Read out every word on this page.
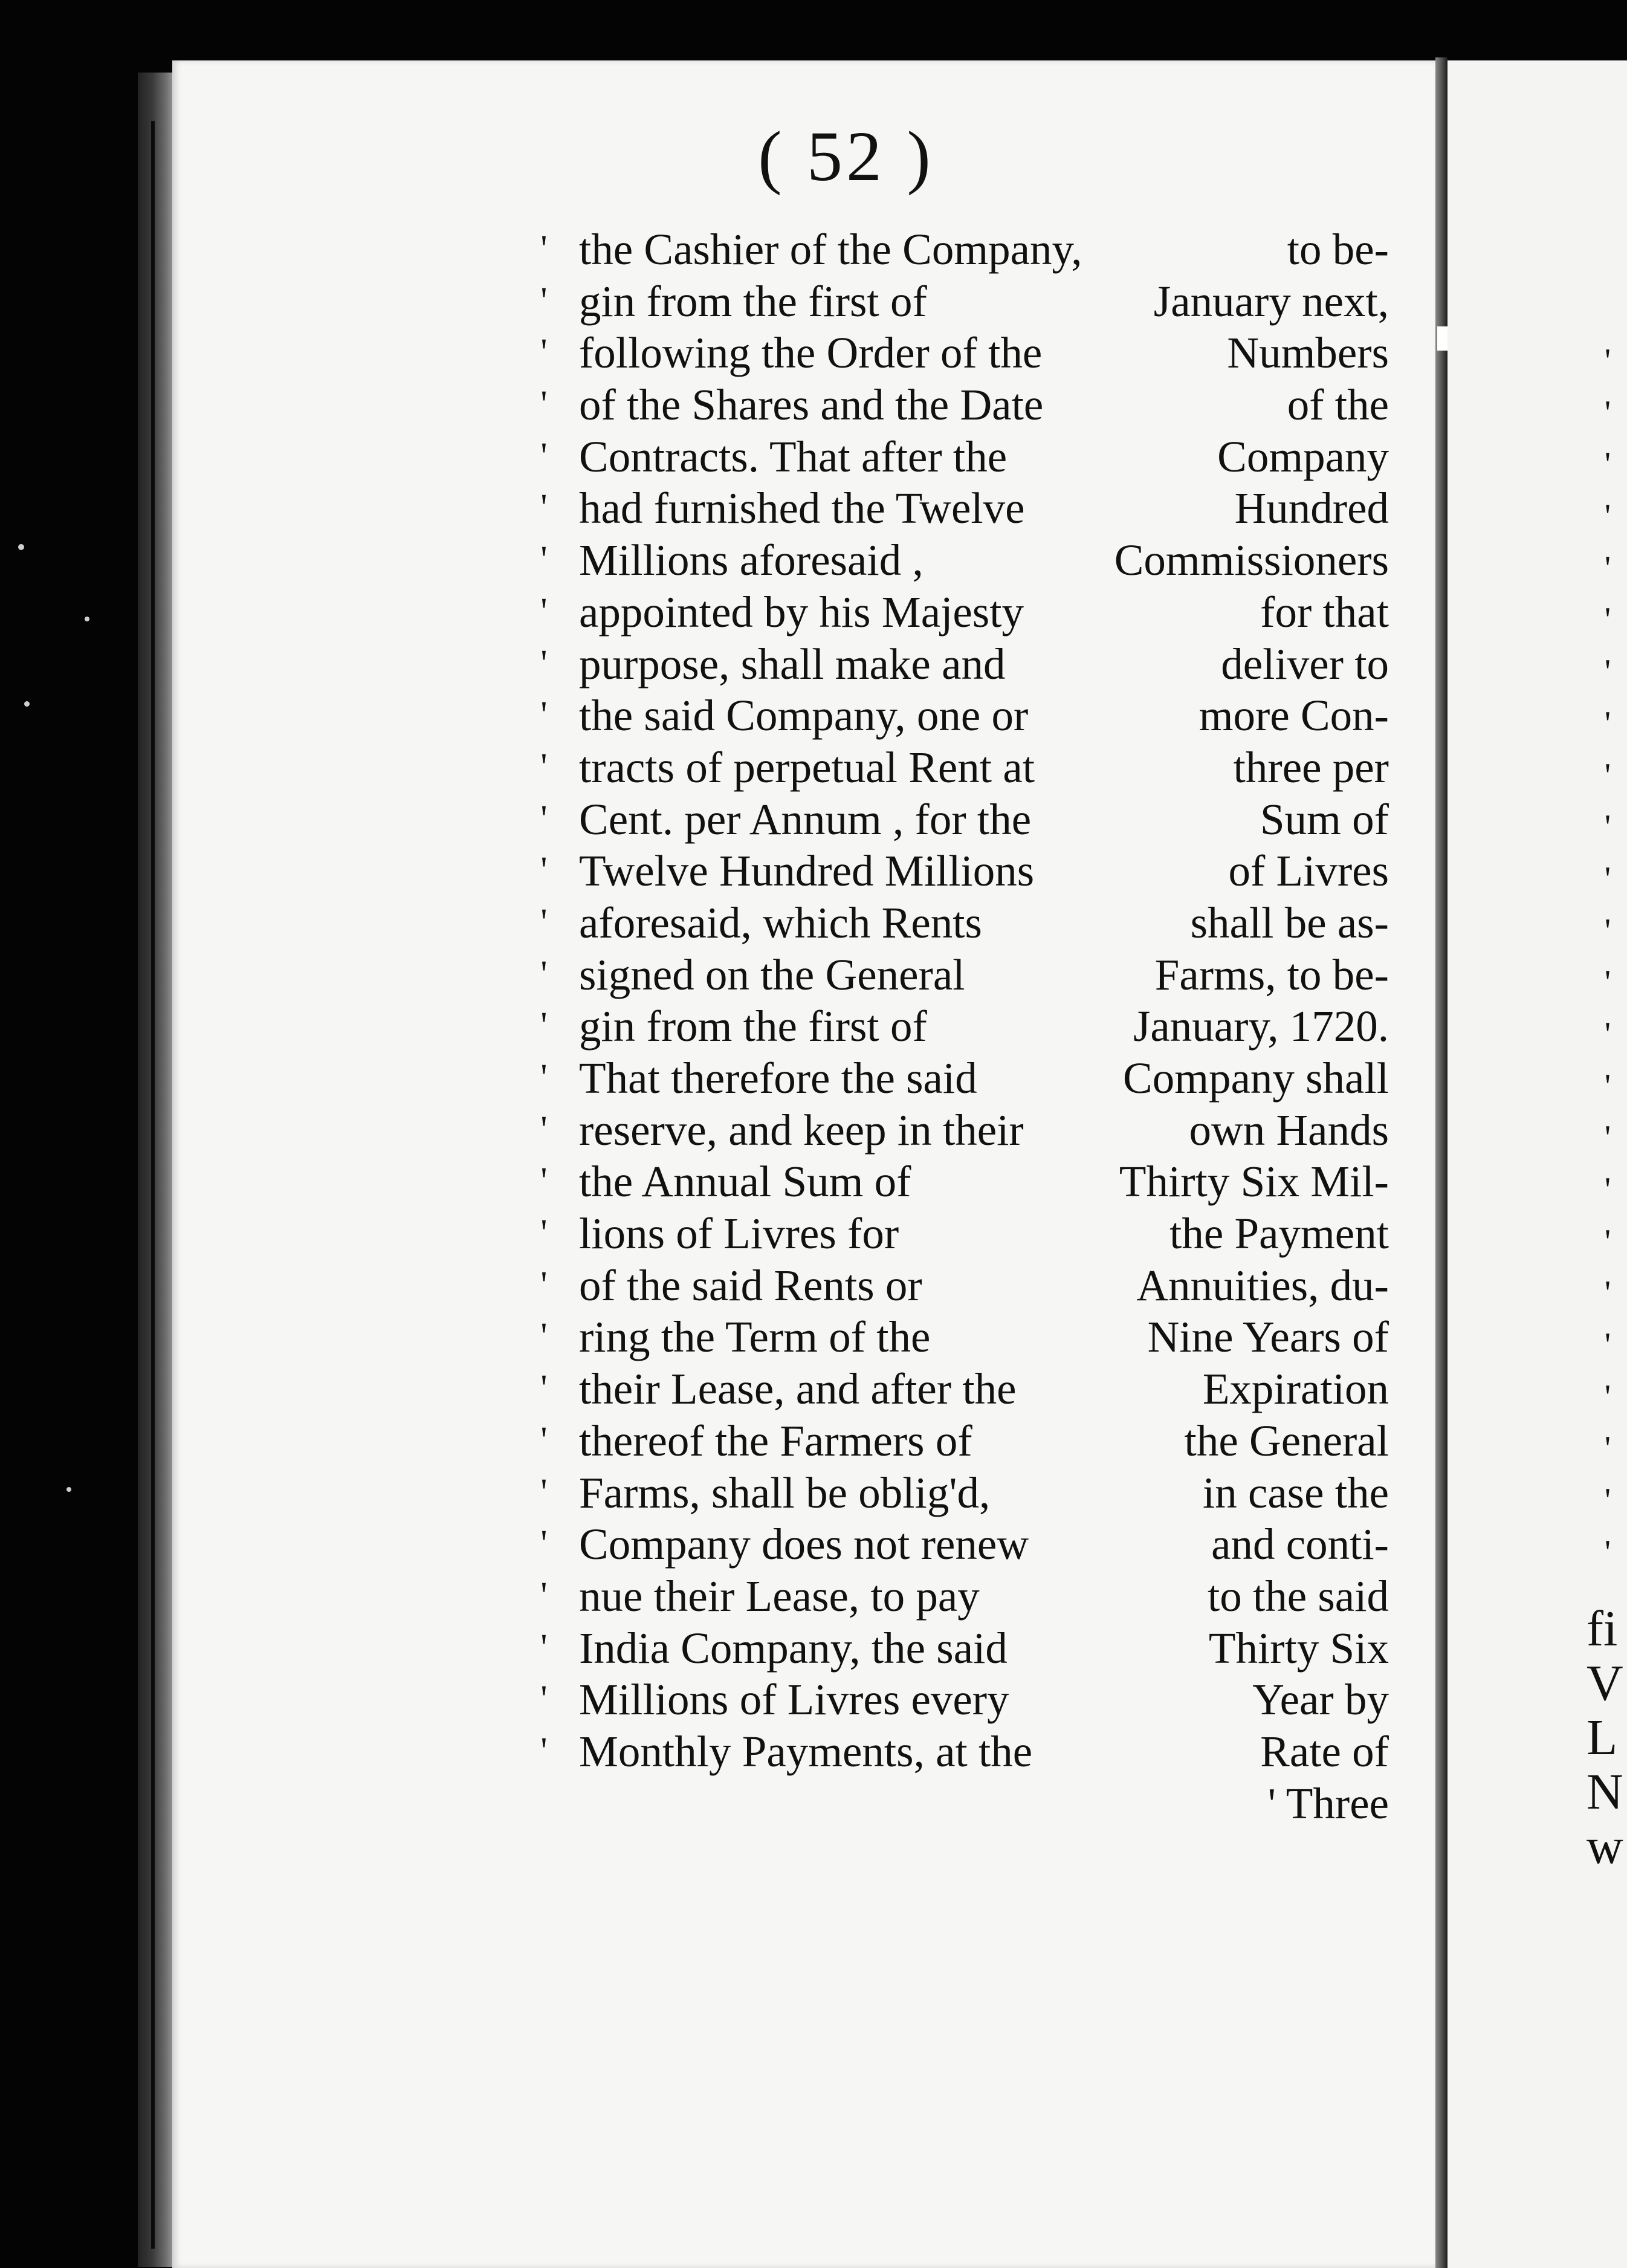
'
'
'
'
'
'
'
'
'
'
'
'
'
'
'
'
'
'
'
'
'
'
'
'
fi
V
L
N
w
( 52 )
'
'
'
'
'
'
'
'
'
'
'
'
'
'
'
'
'
'
'
'
'
'
'
'
'
'
'
'
'
'
the Cashier of the Company,	to be-
gin from the first of	January next,
following the Order of the	Numbers
of the Shares and the Date	of the
Contracts. That after the	Company
had furnished the Twelve	Hundred
Millions aforesaid ,	Commissioners
appointed by his Majesty	for that
purpose, shall make and	deliver to
the said Company, one or	more Con-
tracts of perpetual Rent at	three per
Cent. per Annum , for the	Sum of
Twelve Hundred Millions	of Livres
aforesaid, which Rents	shall be as-
signed on the General	Farms, to be-
gin from the first of	January, 1720.
That therefore the said	Company shall
reserve, and keep in their	own Hands
the Annual Sum of	Thirty Six Mil-
lions of Livres for	the Payment
of the said Rents or	Annuities, du-
ring the Term of the	Nine Years of
their Lease, and after the	Expiration
thereof the Farmers of	the General
Farms, shall be oblig'd,	in case the
Company does not renew	and conti-
nue their Lease, to pay	to the said
India Company, the said	Thirty Six
Millions of Livres every	Year by
Monthly Payments, at the	Rate of
' Three
